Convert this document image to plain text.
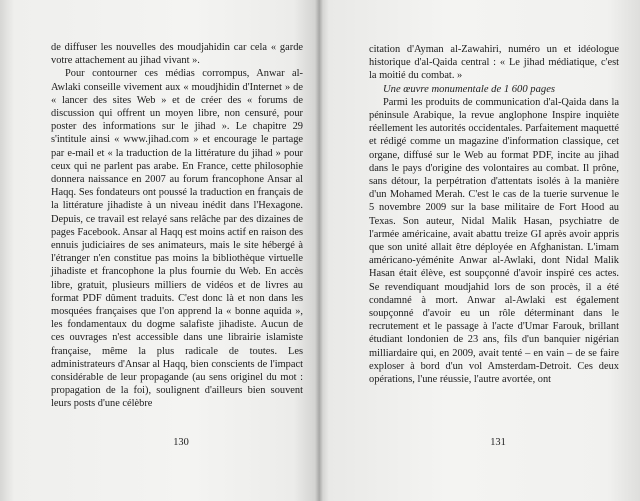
de diffuser les nouvelles des moudjahidin car cela « garde votre attachement au jihad vivant ».

Pour contourner ces médias corrompus, Anwar al-Awlaki conseille vivement aux « moudjhidin d'Internet » de « lancer des sites Web » et de créer des « forums de discussion qui offrent un moyen libre, non censuré, pour poster des informations sur le jihad ». Le chapitre 29 s'intitule ainsi « www.jihad.com » et encourage le partage par e-mail et « la traduction de la littérature du jihad » pour ceux qui ne parlent pas arabe. En France, cette philosophie donnera naissance en 2007 au forum francophone Ansar al Haqq. Ses fondateurs ont poussé la traduction en français de la littérature jihadiste à un niveau inédit dans l'Hexagone. Depuis, ce travail est relayé sans relâche par des dizaines de pages Facebook. Ansar al Haqq est moins actif en raison des ennuis judiciaires de ses animateurs, mais le site hébergé à l'étranger n'en constitue pas moins la bibliothèque virtuelle jihadiste et francophone la plus fournie du Web. En accès libre, gratuit, plusieurs milliers de vidéos et de livres au format PDF dûment traduits. C'est donc là et non dans les mosquées françaises que l'on apprend la « bonne aquida », les fondamentaux du dogme salafiste jihadiste. Aucun de ces ouvrages n'est accessible dans une librairie islamiste française, même la plus radicale de toutes. Les administrateurs d'Ansar al Haqq, bien conscients de l'impact considérable de leur propagande (au sens originel du mot : propagation de la foi), soulignent d'ailleurs bien souvent leurs posts d'une célèbre

130

citation d'Ayman al-Zawahiri, numéro un et idéologue historique d'al-Qaida central : « Le jihad médiatique, c'est la moitié du combat. »

Une œuvre monumentale de 1 600 pages

Parmi les produits de communication d'al-Qaida dans la péninsule Arabique, la revue anglophone Inspire inquiète réellement les autorités occidentales. Parfaitement maquetté et rédigé comme un magazine d'information classique, cet organe, diffusé sur le Web au format PDF, incite au jihad dans le pays d'origine des volontaires au combat. Il prône, sans détour, la perpétration d'attentats isolés à la manière d'un Mohamed Merah. C'est le cas de la tuerie survenue le 5 novembre 2009 sur la base militaire de Fort Hood au Texas. Son auteur, Nidal Malik Hasan, psychiatre de l'armée américaine, avait abattu treize GI après avoir appris que son unité allait être déployée en Afghanistan. L'imam américano-yéménite Anwar al-Awlaki, dont Nidal Malik Hasan était élève, est soupçonné d'avoir inspiré ces actes. Se revendiquant moudjahid lors de son procès, il a été condamné à mort. Anwar al-Awlaki est également soupçonné d'avoir eu un rôle déterminant dans le recrutement et le passage à l'acte d'Umar Farouk, brillant étudiant londonien de 23 ans, fils d'un banquier nigérian milliardaire qui, en 2009, avait tenté – en vain – de se faire exploser à bord d'un vol Amsterdam-Detroit. Ces deux opérations, l'une réussie, l'autre avortée, ont

131
